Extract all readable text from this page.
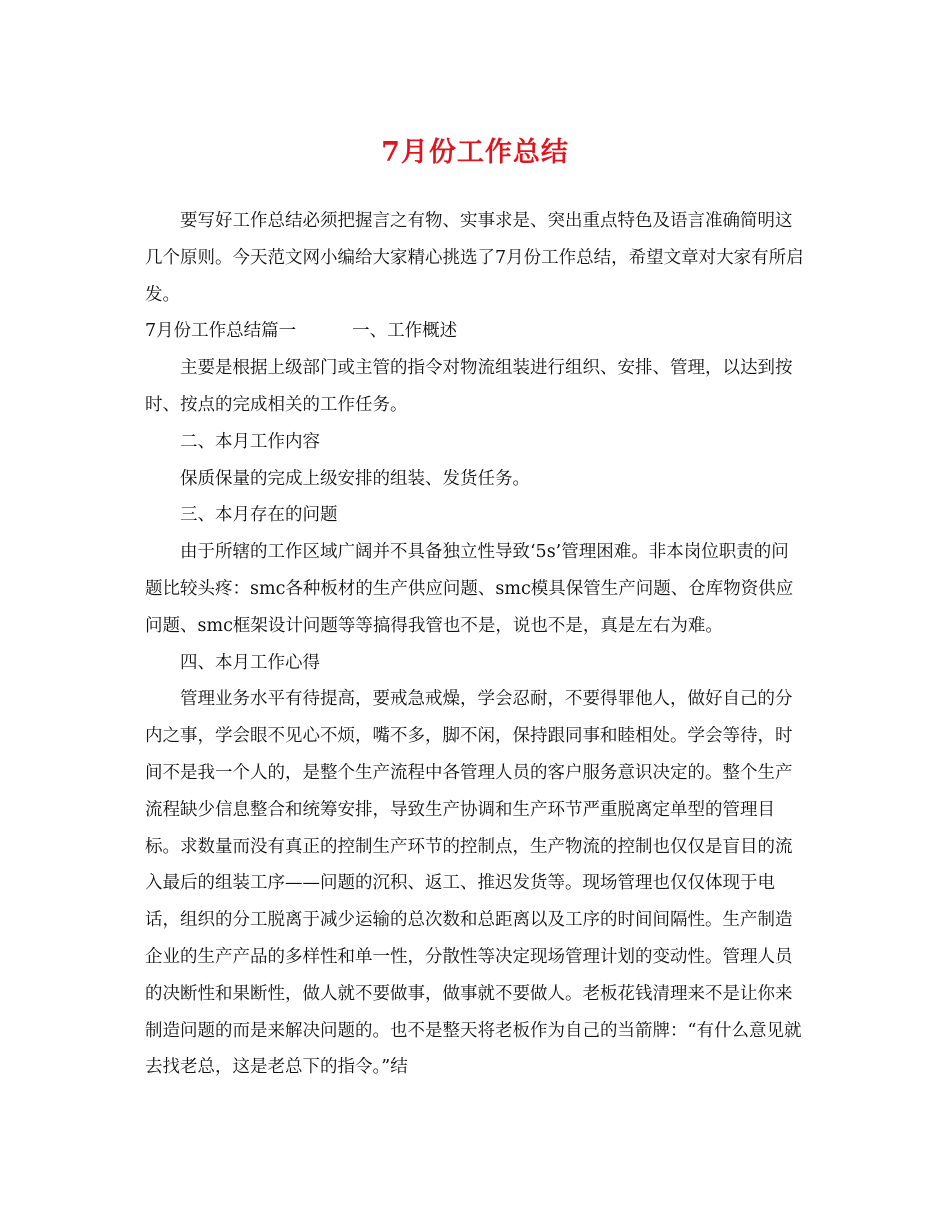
7月份工作总结

要写好工作总结必须把握言之有物、实事求是、突出重点特色及语言准确简明这几个原则。今天范文网小编给大家精心挑选了7月份工作总结，希望文章对大家有所启发。

7月份工作总结篇一	一、工作概述

主要是根据上级部门或主管的指令对物流组装进行组织、安排、管理，以达到按时、按点的完成相关的工作任务。

二、本月工作内容

保质保量的完成上级安排的组装、发货任务。

三、本月存在的问题

由于所辖的工作区域广阔并不具备独立性导致‘5s’管理困难。非本岗位职责的问题比较头疼：smc各种板材的生产供应问题、smc模具保管生产问题、仓库物资供应问题、smc框架设计问题等等搞得我管也不是，说也不是，真是左右为难。

四、本月工作心得

管理业务水平有待提高，要戒急戒燥，学会忍耐，不要得罪他人，做好自己的分内之事，学会眼不见心不烦，嘴不多，脚不闲，保持跟同事和睦相处。学会等待，时间不是我一个人的，是整个生产流程中各管理人员的客户服务意识决定的。整个生产流程缺少信息整合和统筹安排，导致生产协调和生产环节严重脱离定单型的管理目标。求数量而没有真正的控制生产环节的控制点，生产物流的控制也仅仅是盲目的流入最后的组装工序——问题的沉积、返工、推迟发货等。现场管理也仅仅体现于电话，组织的分工脱离于减少运输的总次数和总距离以及工序的时间间隔性。生产制造企业的生产产品的多样性和单一性，分散性等决定现场管理计划的变动性。管理人员的决断性和果断性，做人就不要做事，做事就不要做人。老板花钱清理来不是让你来制造问题的而是来解决问题的。也不是整天将老板作为自己的当箭牌：“有什么意见就去找老总，这是老总下的指令。”结
